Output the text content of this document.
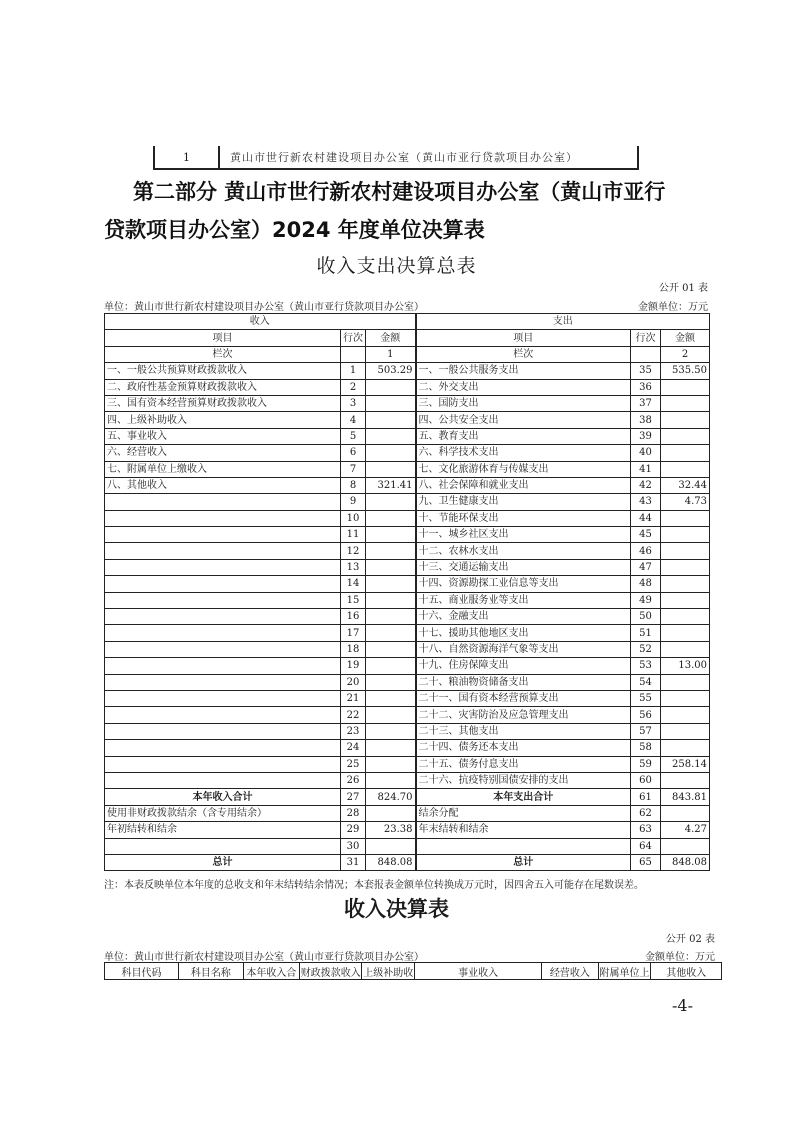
1	黄山市世行新农村建设项目办公室（黄山市亚行贷款项目办公室）
第二部分 黄山市世行新农村建设项目办公室（黄山市亚行
贷款项目办公室）2024 年度单位决算表
收入支出决算总表
公开 01 表
单位：黄山市世行新农村建设项目办公室（黄山市亚行贷款项目办公室）	金额单位：万元
收入			支出		
项目	行次	金额	项目	行次	金额
栏次		1	栏次		2
一、一般公共预算财政拨款收入	1	503.29	一、一般公共服务支出	35	535.50
二、政府性基金预算财政拨款收入	2		二、外交支出	36	
三、国有资本经营预算财政拨款收入	3		三、国防支出	37	
四、上级补助收入	4		四、公共安全支出	38	
五、事业收入	5		五、教育支出	39	
六、经营收入	6		六、科学技术支出	40	
七、附属单位上缴收入	7		七、文化旅游体育与传媒支出	41	
八、其他收入	8	321.41	八、社会保障和就业支出	42	32.44
	9		九、卫生健康支出	43	4.73
	10		十、节能环保支出	44	
	11		十一、城乡社区支出	45	
	12		十二、农林水支出	46	
	13		十三、交通运输支出	47	
	14		十四、资源勘探工业信息等支出	48	
	15		十五、商业服务业等支出	49	
	16		十六、金融支出	50	
	17		十七、援助其他地区支出	51	
	18		十八、自然资源海洋气象等支出	52	
	19		十九、住房保障支出	53	13.00
	20		二十、粮油物资储备支出	54	
	21		二十一、国有资本经营预算支出	55	
	22		二十二、灾害防治及应急管理支出	56	
	23		二十三、其他支出	57	
	24		二十四、债务还本支出	58	
	25		二十五、债务付息支出	59	258.14
	26		二十六、抗疫特别国债安排的支出	60	
本年收入合计	27	824.70	本年支出合计	61	843.81
使用非财政拨款结余（含专用结余）	28		结余分配	62	
年初结转和结余	29	23.38	年末结转和结余	63	4.27
	30			64	
总计	31	848.08	总计	65	848.08
注：本表反映单位本年度的总收支和年末结转结余情况；本套报表金额单位转换成万元时，因四舍五入可能存在尾数误差。
收入决算表
公开 02 表
单位：黄山市世行新农村建设项目办公室（黄山市亚行贷款项目办公室）	金额单位：万元
科目代码	科目名称	本年收入合	财政拨款收入	上级补助收	事业收入	经营收入	附属单位上	其他收入
-4-
